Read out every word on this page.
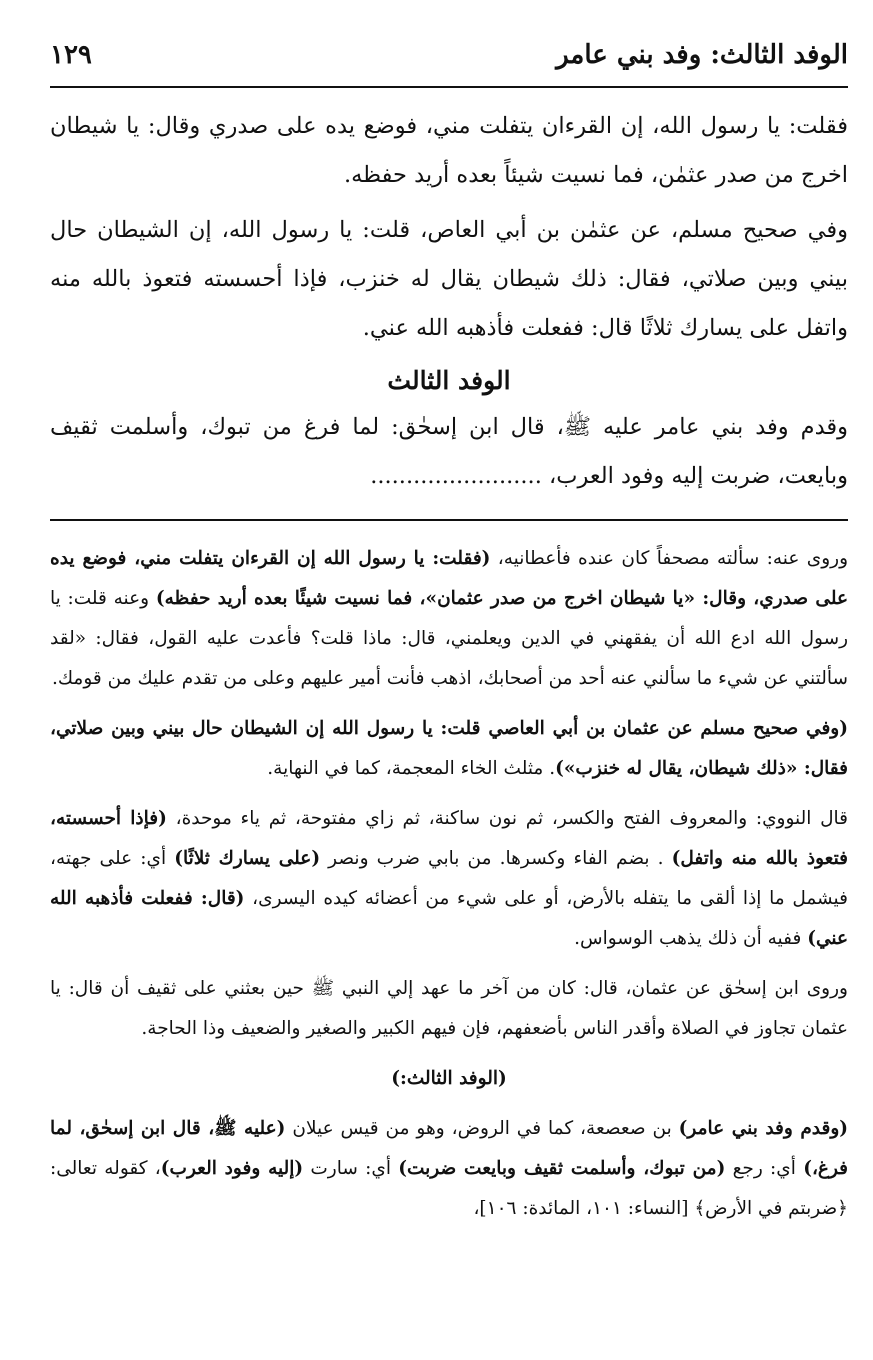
الوفد الثالث: وفد بني عامر
١٢٩

فقلت: يا رسول الله، إن القرءان يتفلت مني، فوضع يده على صدري وقال: يا شيطان اخرج من صدر عثمٰن، فما نسيت شيئاً بعده أريد حفظه.

وفي صحيح مسلم، عن عثمٰن بن أبي العاص، قلت: يا رسول الله، إن الشيطان حال بيني وبين صلاتي، فقال: ذلك شيطان يقال له خنزب، فإذا أحسسته فتعوذ بالله منه واتفل على يسارك ثلاثًا قال: ففعلت فأذهبه الله عني.

الوفد الثالث

وقدم وفد بني عامر عليه ﷺ، قال ابن إسحٰق: لما فرغ من تبوك، وأسلمت ثقيف وبايعت، ضربت إليه وفود العرب، ........................

وروى عنه: سألته مصحفاً كان عنده فأعطانيه، (فقلت: يا رسول الله إن القرءان يتفلت مني، فوضع يده على صدري، وقال: «يا شيطان اخرج من صدر عثمان»، فما نسيت شيئًا بعده أريد حفظه) وعنه قلت: يا رسول الله ادع الله أن يفقهني في الدين ويعلمني، قال: ماذا قلت؟ فأعدت عليه القول، فقال: «لقد سألتني عن شيء ما سألني عنه أحد من أصحابك، اذهب فأنت أمير عليهم وعلى من تقدم عليك من قومك.

(وفي صحيح مسلم عن عثمان بن أبي العاصي قلت: يا رسول الله إن الشيطان حال بيني وبين صلاتي، فقال: «ذلك شيطان، يقال له خنزب»). مثلث الخاء المعجمة، كما في النهاية.

قال النووي: والمعروف الفتح والكسر، ثم نون ساكنة، ثم زاي مفتوحة، ثم ياء موحدة، (فإذا أحسسته، فتعوذ بالله منه واتفل) . بضم الفاء وكسرها. من بابي ضرب ونصر (على يسارك ثلاثًا) أي: على جهته، فيشمل ما إذا ألقى ما يتفله بالأرض، أو على شيء من أعضائه كيده اليسرى، (قال: ففعلت فأذهبه الله عني) ففيه أن ذلك يذهب الوسواس.

وروى ابن إسحٰق عن عثمان، قال: كان من آخر ما عهد إلي النبي ﷺ حين بعثني على ثقيف أن قال: يا عثمان تجاوز في الصلاة وأقدر الناس بأضعفهم، فإن فيهم الكبير والصغير والضعيف وذا الحاجة.

(الوفد الثالث:)

(وقدم وفد بني عامر) بن صعصعة، كما في الروض، وهو من قيس عيلان (عليه ﷺ، قال ابن إسحٰق، لما فرغ،) أي: رجع (من تبوك، وأسلمت ثقيف وبايعت ضربت) أي: سارت (إليه وفود العرب)، كقوله تعالى: ﴿ضربتم في الأرض﴾ [النساء: ١٠١، المائدة: ١٠٦]،
